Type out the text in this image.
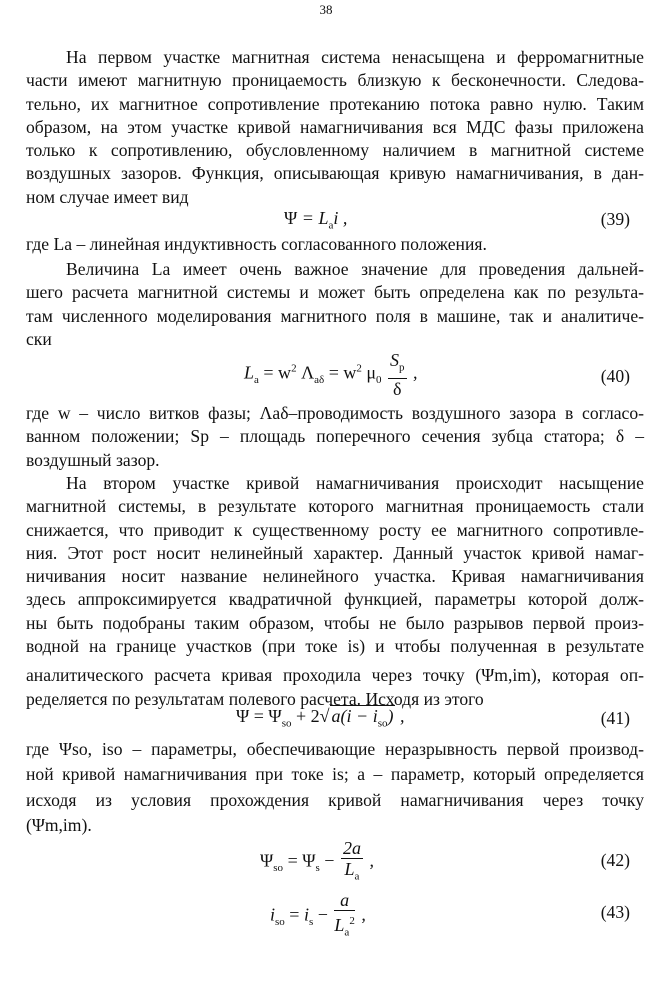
38
На первом участке магнитная система ненасыщена и ферромагнитные
части имеют магнитную проницаемость близкую к бесконечности. Следова-
тельно, их магнитное сопротивление протеканию потока равно нулю. Таким
образом, на этом участке кривой намагничивания вся МДС фазы приложена
только к сопротивлению, обусловленному наличием в магнитной системе
воздушных зазоров. Функция, описывающая кривую намагничивания, в дан-
ном случае имеет вид
$\Psi = L_ai$ ,	(39)
где La – линейная индуктивность согласованного положения.
Величина La имеет очень важное значение для проведения дальней-
шего расчета магнитной системы и может быть определена как по результа-
там численного моделирования магнитного поля в машине, так и аналитиче-
ски
$L_a = w^2$ $\Lambda_{a\delta} = w^2$ $\mu_0 \frac{S_p}{\delta}$ ,	(40)
где w – число витков фазы; Λaδ–проводимость воздушного зазора в согласо-
ванном положении; Sp – площадь поперечного сечения зубца статора; δ –
воздушный зазор.
На втором участке кривой намагничивания происходит насыщение
магнитной системы, в результате которого магнитная проницаемость стали
снижается, что приводит к существенному росту ее магнитного сопротивле-
ния. Этот рост носит нелинейный характер. Данный участок кривой намаг-
ничивания носит название нелинейного участка. Кривая намагничивания
здесь аппроксимируется квадратичной функцией, параметры которой долж-
ны быть подобраны таким образом, чтобы не было разрывов первой произ-
водной на границе участков (при токе is) и чтобы полученная в результате
аналитического расчета кривая проходила через точку (Ψm,im), которая оп-
ределяется по результатам полевого расчета. Исходя из этого
$\Psi = \Psi_{so} + 2√$ $a(i - i_{so})$ ,	(41)
где Ψso, iso – параметры, обеспечивающие неразрывность первой производ-
ной кривой намагничивания при токе is; a – параметр, который определяется
исходя из условия прохождения кривой намагничивания через точку
(Ψm,im).
$\Psi_{so} = \Psi_s - \frac{2a}{L_a}$ ,	(42)
$i_{so} = i_s - \frac{a}{L_a^2}$ ,	(43)
